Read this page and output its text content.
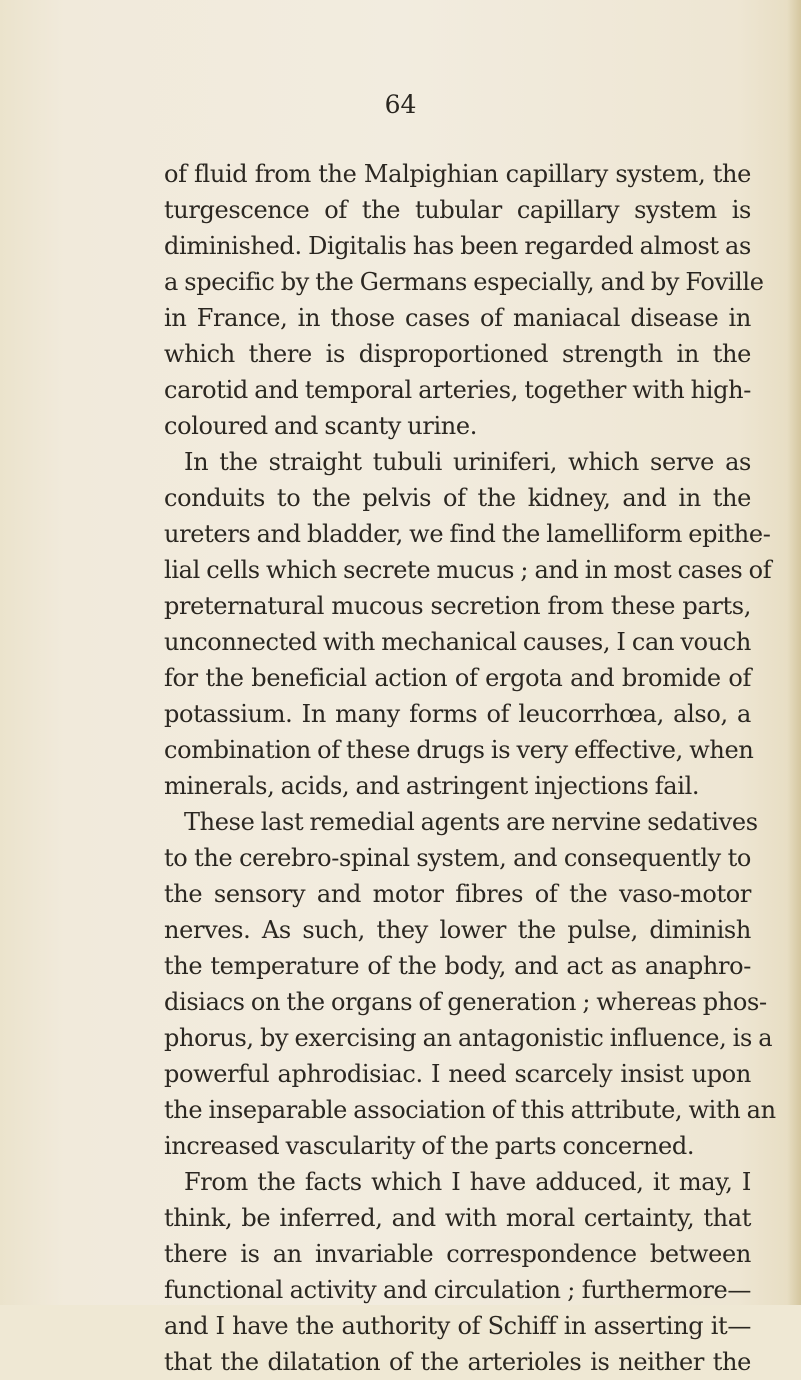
64
of fluid from the Malpighian capillary system, the
turgescence of the tubular capillary system is
diminished. Digitalis has been regarded almost as
a specific by the Germans especially, and by Foville
in France, in those cases of maniacal disease in
which there is disproportioned strength in the
carotid and temporal arteries, together with high-
coloured and scanty urine.
In the straight tubuli uriniferi, which serve as
conduits to the pelvis of the kidney, and in the
ureters and bladder, we find the lamelliform epithe-
lial cells which secrete mucus ; and in most cases of
preternatural mucous secretion from these parts,
unconnected with mechanical causes, I can vouch
for the beneficial action of ergota and bromide of
potassium. In many forms of leucorrhœa, also, a
combination of these drugs is very effective, when
minerals, acids, and astringent injections fail.
These last remedial agents are nervine sedatives
to the cerebro-spinal system, and consequently to
the sensory and motor fibres of the vaso-motor
nerves. As such, they lower the pulse, diminish
the temperature of the body, and act as anaphro-
disiacs on the organs of generation ; whereas phos-
phorus, by exercising an antagonistic influence, is a
powerful aphrodisiac. I need scarcely insist upon
the inseparable association of this attribute, with an
increased vascularity of the parts concerned.
From the facts which I have adduced, it may, I
think, be inferred, and with moral certainty, that
there is an invariable correspondence between
functional activity and circulation ; furthermore—
and I have the authority of Schiff in asserting it—
that the dilatation of the arterioles is neither the
